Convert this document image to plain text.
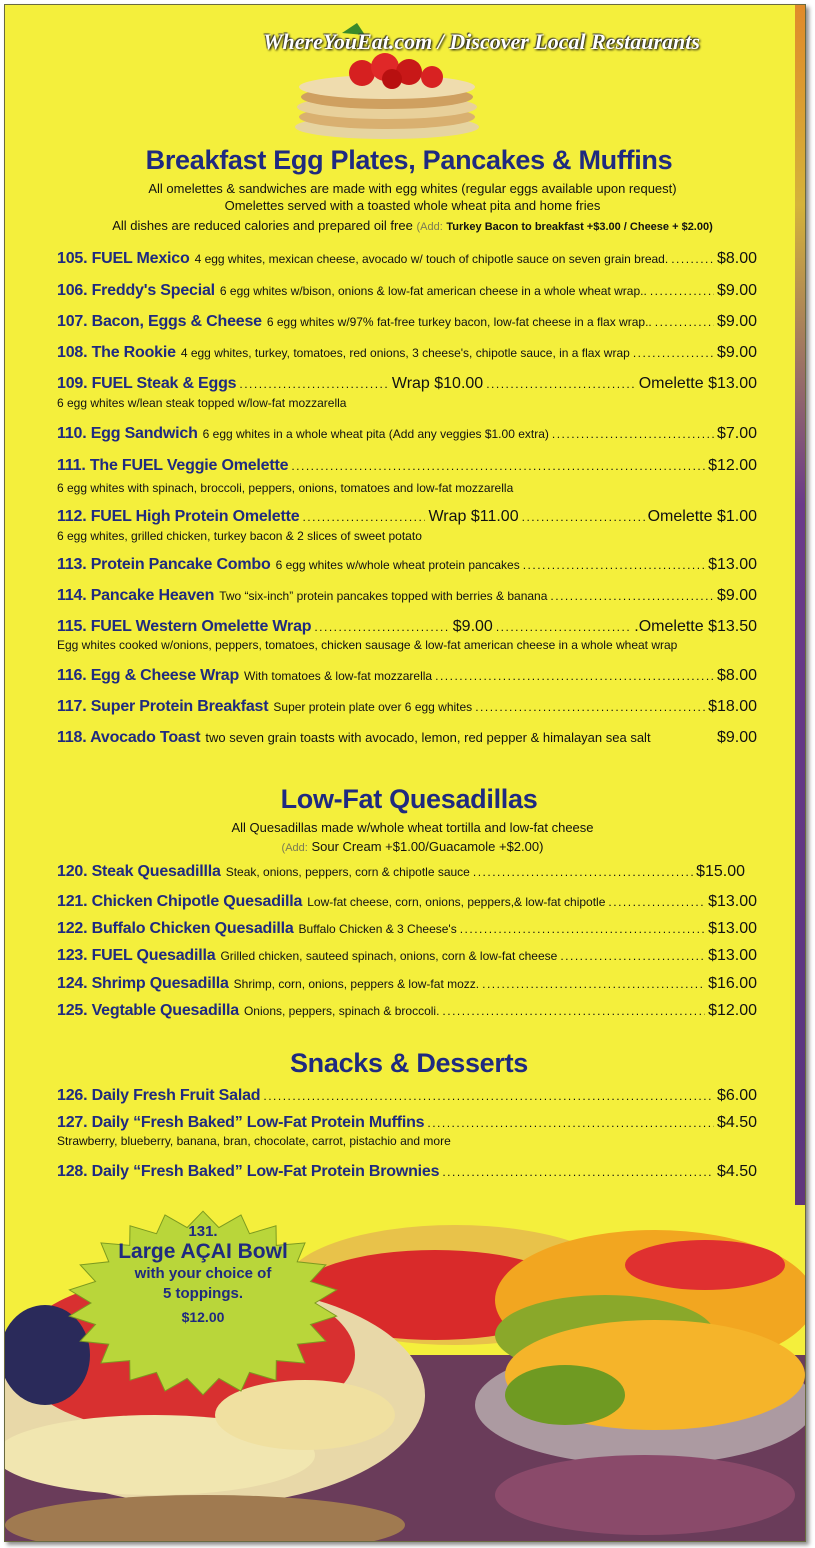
WhereYouEat.com / Discover Local Restaurants
Breakfast Egg Plates, Pancakes & Muffins
All omelettes & sandwiches are made with egg whites (regular eggs available upon request)
Omelettes served with a toasted whole wheat pita and home fries
All dishes are reduced calories and prepared oil free (Add: Turkey Bacon to breakfast +$3.00 / Cheese + $2.00)
105. FUEL Mexico 4 egg whites, mexican cheese, avocado w/ touch of chipotle sauce on seven grain bread. .....	$8.00
106. Freddy's Special 6 egg whites w/bison, onions & low-fat american cheese in a whole wheat wrap.. .....	$9.00
107. Bacon, Eggs & Cheese 6 egg whites w/97% fat-free turkey bacon, low-fat cheese in a flax wrap.. .....	$9.00
108. The Rookie 4 egg whites, turkey, tomatoes, red onions, 3 cheese's, chipotle sauce, in a flax wrap .....	$9.00
109. FUEL Steak & Eggs .....	Wrap $10.00 .....	Omelette $13.00
6 egg whites w/lean steak topped w/low-fat mozzarella
110. Egg Sandwich 6 egg whites in a whole wheat pita (Add any veggies $1.00 extra) .....	$7.00
111. The FUEL Veggie Omelette .....	$12.00
6 egg whites with spinach, broccoli, peppers, onions, tomatoes and low-fat mozzarella
112. FUEL High Protein Omelette .....	Wrap $11.00 .....	Omelette $1.00
6 egg whites, grilled chicken, turkey bacon & 2 slices of sweet potato
113. Protein Pancake Combo 6 egg whites w/whole wheat protein pancakes .....	$13.00
114. Pancake Heaven Two “six-inch” protein pancakes topped with berries & banana .....	$9.00
115. FUEL Western Omelette Wrap .....	$9.00 .....	.Omelette $13.50
Egg whites cooked w/onions, peppers, tomatoes, chicken sausage & low-fat american cheese in a whole wheat wrap
116. Egg & Cheese Wrap With tomatoes & low-fat mozzarella .....	$8.00
117. Super Protein Breakfast Super protein plate over 6 egg whites .....	$18.00
118. Avocado Toast two seven grain toasts with avocado, lemon, red pepper & himalayan sea salt	$9.00
Low-Fat Quesadillas
All Quesadillas made w/whole wheat tortilla and low-fat cheese
(Add: Sour Cream +$1.00/Guacamole +$2.00)
120. Steak Quesadillla Steak, onions, peppers, corn & chipotle sauce .....	$15.00
121. Chicken Chipotle Quesadilla Low-fat cheese, corn, onions, peppers,& low-fat chipotle .....	$13.00
122. Buffalo Chicken Quesadilla Buffalo Chicken & 3 Cheese's .....	$13.00
123. FUEL Quesadilla Grilled chicken, sauteed spinach, onions, corn & low-fat cheese .....	$13.00
124. Shrimp Quesadilla Shrimp, corn, onions, peppers & low-fat mozz. .....	$16.00
125. Vegtable Quesadilla Onions, peppers, spinach & broccoli. .....	$12.00
Snacks & Desserts
126. Daily Fresh Fruit Salad .....	$6.00
127. Daily “Fresh Baked” Low-Fat Protein Muffins .....	$4.50
Strawberry, blueberry, banana, bran, chocolate, carrot, pistachio and more
128. Daily “Fresh Baked” Low-Fat Protein Brownies .....	$4.50
131.
Large AÇAI Bowl
with your choice of
5 toppings.
$12.00
